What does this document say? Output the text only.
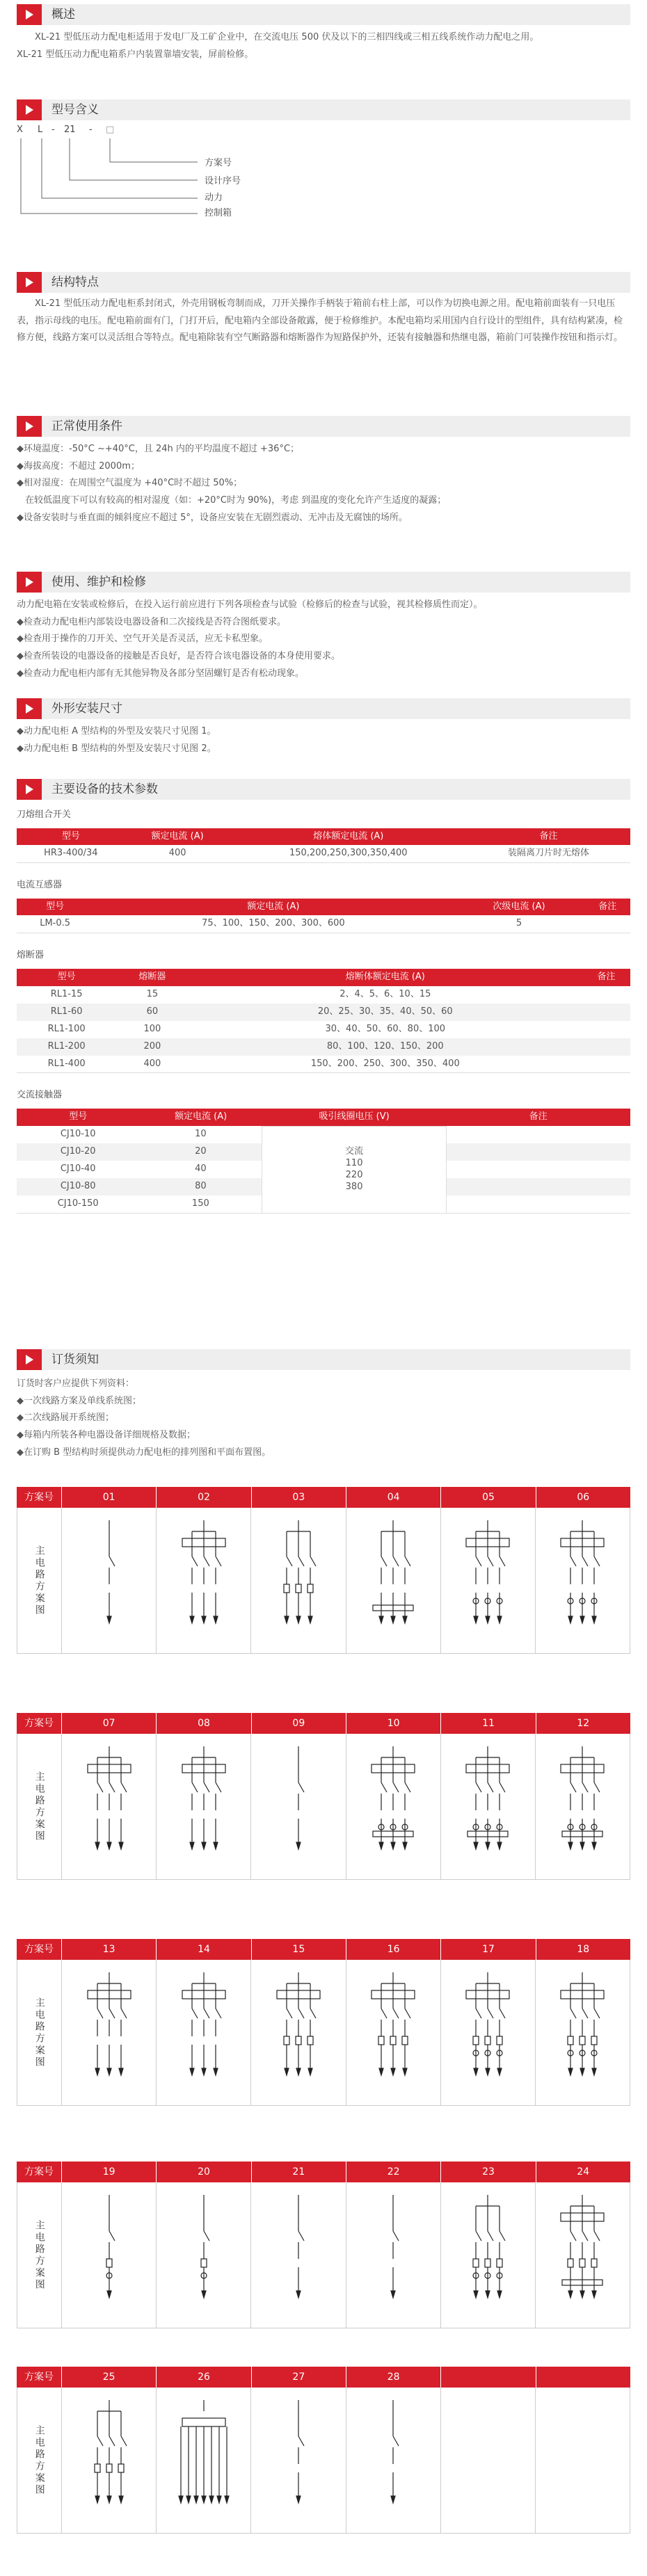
概述

XL-21 型低压动力配电柜适用于发电厂及工矿企业中，在交流电压 500 伏及以下的三相四线或三相五线系统作动力配电之用。

XL-21 型低压动力配电箱系户内装置靠墙安装，屏前检修。

型号含义
X L - 21 - □
方案号
设计序号
动力
控制箱
结构特点

XL-21 型低压动力配电柜系封闭式，外壳用钢板弯制而成，刀开关操作手柄装于箱前右柱上部，可以作为切换电源之用。配电箱前面装有一只电压表，指示母线的电压。配电箱前面有门，门打开后，配电箱内全部设备敞露，便于检修维护。本配电箱均采用国内自行设计的型组件，具有结构紧凑，检修方便，线路方案可以灵活组合等特点。配电箱除装有空气断路器和熔断器作为短路保护外，还装有接触器和热继电器，箱前门可装操作按钮和指示灯。

正常使用条件

◆环境温度：-50°C ~+40°C，且 24h 内的平均温度不超过 +36°C；

◆海拔高度：不超过 2000m；

◆相对湿度：在周围空气温度为 +40°C时不超过 50%；

在较低温度下可以有较高的相对湿度（如：+20°C时为 90%)，考虑 到温度的变化允许产生适度的凝露；

◆设备安装时与垂直面的倾斜度应不超过 5°，设备应安装在无剧烈震动、无冲击及无腐蚀的场所。

使用、维护和检修

动力配电箱在安装或检修后，在投入运行前应进行下列各项检查与试验（检修后的检查与试验，视其检修质性而定）。

◆检查动力配电柜内部装设电器设备和二次接线是否符合图纸要求。

◆检查用于操作的刀开关、空气开关是否灵活，应无卡私型象。

◆检查所装设的电器设备的接触是否良好，是否符合该电器设备的本身使用要求。

◆检查动力配电柜内部有无其他异物及各部分坚固螺钉是否有松动现象。

外形安装尺寸

◆动力配电柜 A 型结构的外型及安装尺寸见图 1。

◆动力配电柜 B 型结构的外型及安装尺寸见图 2。

主要设备的技术参数
刀熔组合开关
型号	额定电流 (A)	熔体额定电流 (A)	备注
HR3-400/34	400	150,200,250,300,350,400	装隔离刀片时无熔体
电流互感器
型号	额定电流 (A)	次级电流 (A)	备注
LM-0.5	75、100、150、200、300、600	5	
熔断器
型号	熔断器	熔断体额定电流 (A)	备注
RL1-15	15	2、4、5、6、10、15	
RL1-60	60	20、25、30、35、40、50、60	
RL1-100	100	30、40、50、60、80、100	
RL1-200	200	80、100、120、150、200	
RL1-400	400	150、200、250、300、350、400	
交流接触器
型号	额定电流 (A)	吸引线圈电压 (V)	备注
CJ10-10	10	交流
110
220
380	

CJ10-20	20		
CJ10-40	40		
CJ10-80	80		
CJ10-150	150		
订货须知

订货时客户应提供下列资料：

◆一次线路方案及单线系统图；

◆二次线路展开系统图；

◆每箱内所装各种电器设备详细规格及数据；

◆在订购 B 型结构时须提供动力配电柜的排列图和平面布置图。

方案号	01	02	03	04	05	06
主电路方案图
方案号	07	08	09	10	11	12
主电路方案图
方案号	13	14	15	16	17	18
主电路方案图
方案号	19	20	21	22	23	24
主电路方案图
方案号	25	26	27	28
主电路方案图
